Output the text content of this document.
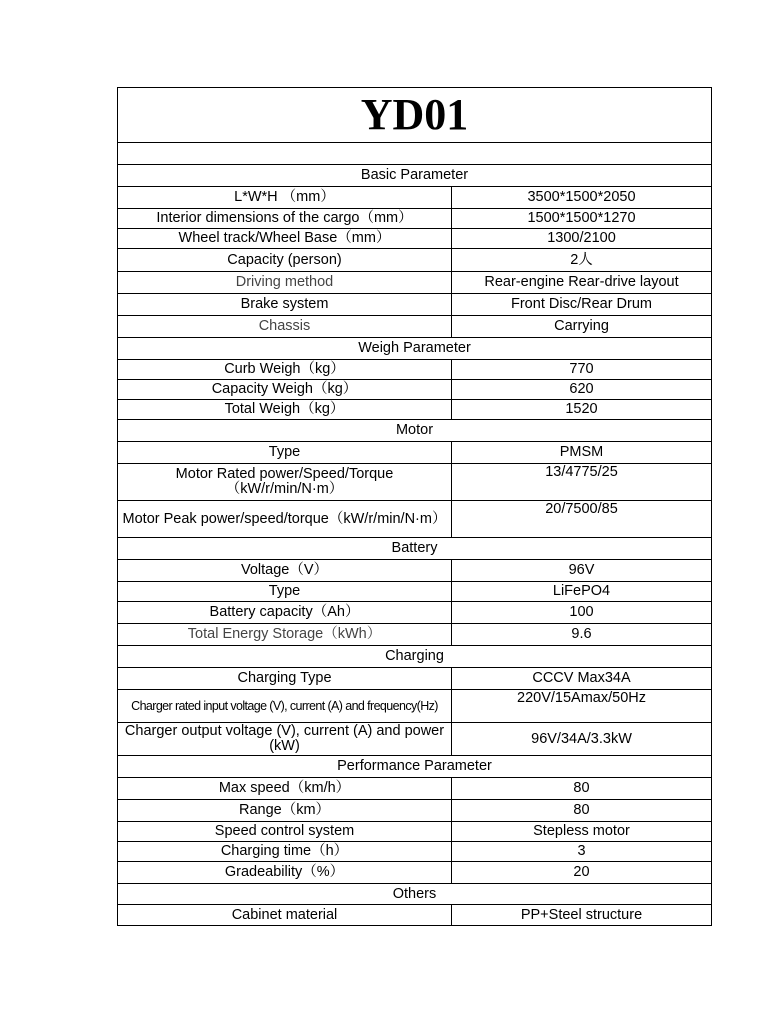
YD01	

Basic Parameter	
L*W*H （mm）	3500*1500*2050
Interior dimensions of the cargo（mm）	1500*1500*1270
Wheel track/Wheel Base（mm）	1300/2100
Capacity (person)	2人
Driving method	Rear-engine Rear-drive layout
Brake system	Front Disc/Rear Drum
Chassis	Carrying
Weigh Parameter	
Curb Weigh（kg）	770
Capacity Weigh（kg）	620
Total Weigh（kg）	1520
Motor	
Type	PMSM
Motor Rated power/Speed/Torque（kW/r/min/N·m）	13/4775/25
Motor Peak power/speed/torque（kW/r/min/N·m）	20/7500/85
Battery	
Voltage（V）	96V
Type	LiFePO4
Battery capacity（Ah）	100
Total Energy Storage（kWh）	9.6
Charging	
Charging Type	CCCV Max34A
Charger rated input voltage (V), current (A) and frequency(Hz)	220V/15Amax/50Hz
Charger output voltage (V), current (A) and power (kW)	96V/34A/3.3kW
Performance Parameter	
Max speed（km/h）	80
Range（km）	80
Speed control system	Stepless motor
Charging time（h）	3
Gradeability（%）	20
Others	
Cabinet material	PP+Steel structure
